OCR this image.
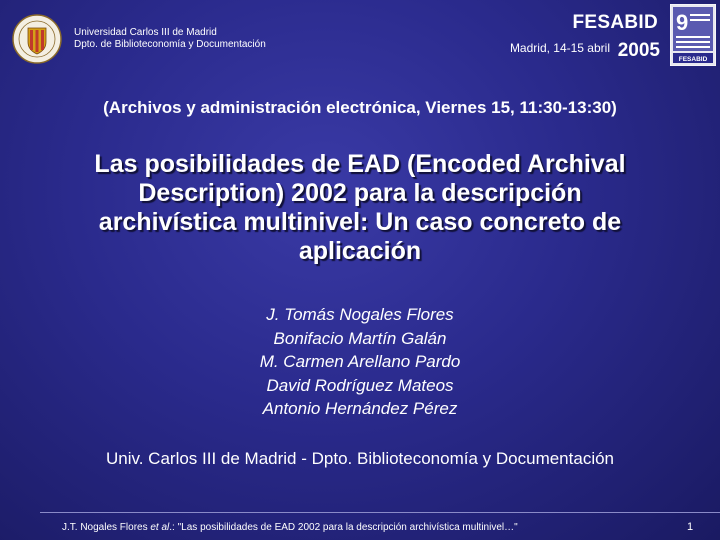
Universidad Carlos III de Madrid
Dpto. de Biblioteconomía y Documentación
FESABID
Madrid, 14-15 abril 2005
9
FESABID
(Archivos y administración electrónica, Viernes 15, 11:30-13:30)
Las posibilidades de EAD (Encoded Archival
Description) 2002 para la descripción
archivística multinivel: Un caso concreto de
aplicación
J. Tomás Nogales Flores
Bonifacio Martín Galán
M. Carmen Arellano Pardo
David Rodríguez Mateos
Antonio Hernández Pérez
Univ. Carlos III de Madrid - Dpto. Biblioteconomía y Documentación
J.T. Nogales Flores et al.: "Las posibilidades de EAD 2002 para la descripción archivística multinivel…"	1
